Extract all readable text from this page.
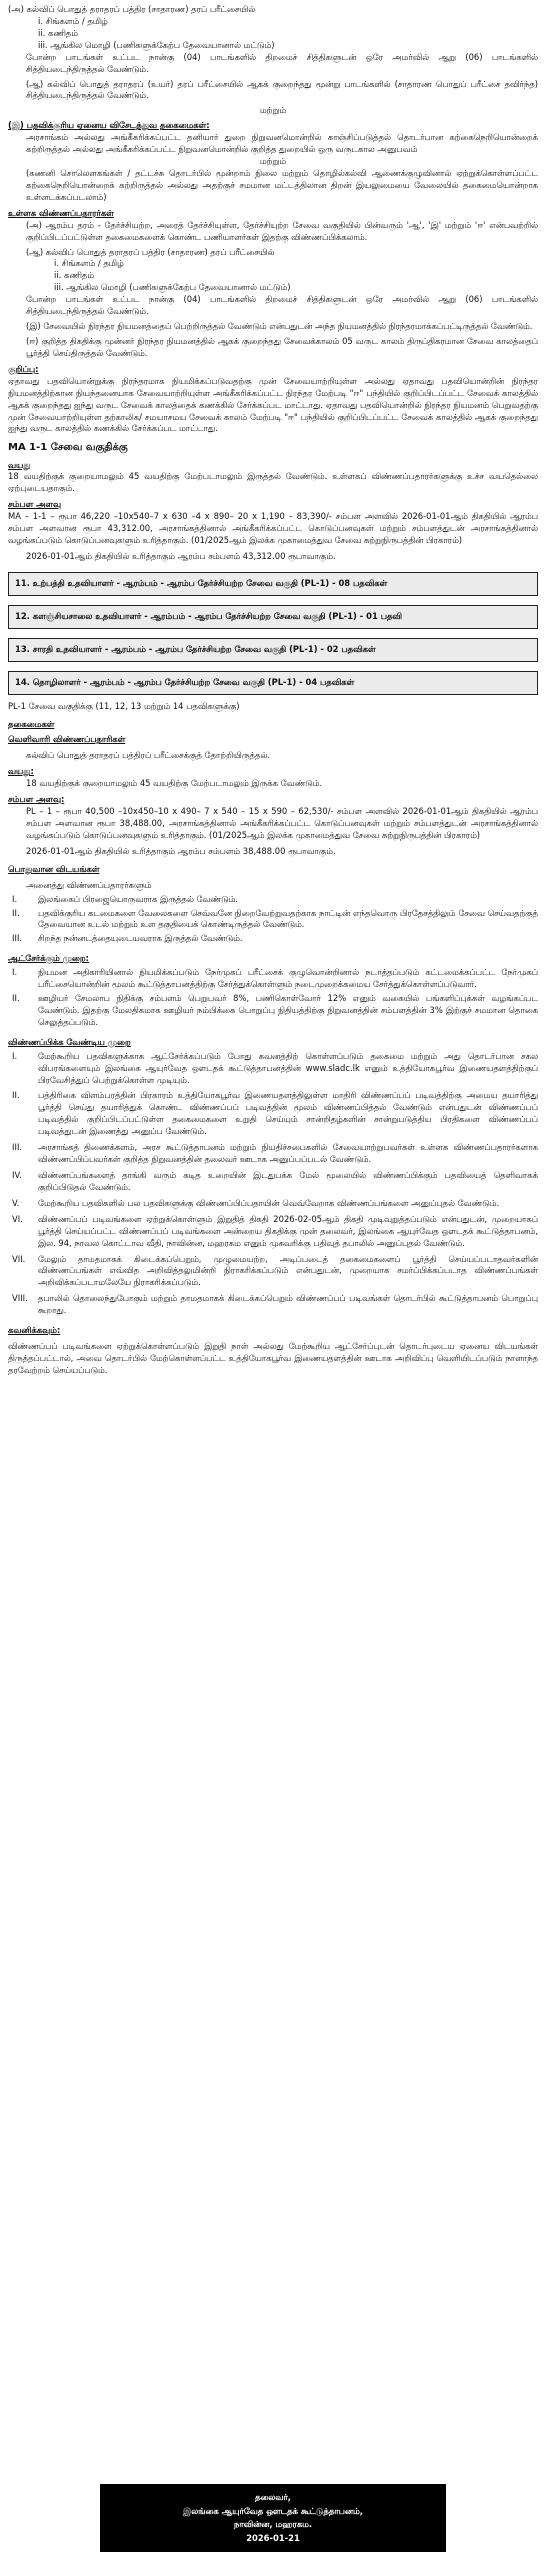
(அ) கல்விப் பொதுத் தராதரப் பத்திர (சாதாரண) தரப் பரீட்சையில்

i. சிங்களம் / தமிழ்

ii. கணிதம்

iii. ஆங்கில மொழி (பணிகளுக்கேற்ப தேவையானால் மட்டும்)

போன்ற பாடங்கள் உட்பட நான்கு (04) பாடங்களில் திறமைச் சித்திகளுடன் ஒரே அமர்வில் ஆறு (06) பாடங்களில் சித்தியடைந்திருத்தல் வேண்டும்.

(ஆ) கல்விப் பொதுத் தராதரப் (உயர்) தரப் பரீட்சையில் ஆகக் குறைந்தது மூன்று பாடங்களில் (சாதாரண பொதுப் பரீட்சை தவிர்ந்த) சித்தியடைந்திருத்தல் வேண்டும்.

மற்றும்

(இ) பதவிக்குரிய ஏனைய விசேடத்துவ தகைமைகள்:

அரசாங்கம் அல்லது அங்கீகரிக்கப்பட்ட தனியார் துறை நிறுவனமொன்றில் காஞ்சிப்படுத்தல் தொடர்பான கற்கைநெறியொன்றைக் கற்றிருத்தல் அல்லது அங்கீகரிக்கப்பட்ட நிறுவனமொன்றில் குறித்த துறையில் ஒரு வருடகால அனுபவம்

மற்றும்

(கணனி சொலௌகங்கள் / தட்டச்சு தொடர்பில் மூன்றாம் நிலை மற்றும் தொழில்கல்வி ஆணைக்குழுவினால் ஏற்றுக்கொள்ளப்பட்ட கற்கைநெறியொன்றைக் கற்றிருத்தல் அல்லது அதற்குச் சமமான மட்டத்திலான திறன் இயலுமையை வேலையில் தகைமையொன்றாக உள்ளடக்கப்படலாம்)

உள்ளக விண்ணப்பதாரர்கள்

(அ) ஆரம்ப தரம் - தேர்ச்சியற்ற, அரைத் தேர்ச்சியுள்ள, தேர்ச்சியுற்ற சேவை வகுதியில் பின்வரும் 'ஆ', 'இ' மற்றும் 'ஈ' என்பவற்றில் குறிப்பிடப்பட்டுள்ள தகைமைகளைக் கொண்ட பணியாளர்கள் இதற்கு விண்ணப்பிக்கலாம்.

(ஆ) கல்விப் பொதுத் தராதரப் பத்திர (சாதாரண) தரப் பரீட்சையில்

i. சிங்களம் / தமிழ்

ii. கணிதம்

iii. ஆங்கில மொழி (பணிகளுக்கேற்ப தேவையானால் மட்டும்)

போன்ற பாடங்கள் உட்பட நான்கு (04) பாடங்களில் திறமைச் சித்திகளுடன் ஒரே அமர்வில் ஆறு (06) பாடங்களில் சித்தியடைந்திருத்தல் வேண்டும்.

(இ) சேவையில் நிரந்தர நியமனத்தைப் பெற்றிருத்தல் வேண்டும் என்பதுடன் அந்த நியமனத்தில் நிரந்தரமாக்கப்பட்டிருத்தல் வேண்டும்.

(ஈ) குறித்த திகதிக்கு முன்னர் நிரந்தர நியமனத்தில் ஆகக் குறைந்தது சேவைக்காலம் 05 வருட காலம் திருப்திகரமான சேவை காலத்தைப் பூர்த்தி செய்திருத்தல் வேண்டும்.

குறிப்பு:

ஏதாவது பதவியொன்றுக்கு நிரந்தரமாக நியமிக்கப்படுவதற்கு முன் சேவையாற்றியுள்ள அல்லது ஏதாவது பதவியொன்றின் நிரந்தர நியமனத்திற்கான நியந்தனையாக சேவையாற்றியுள்ள அங்கீகரிக்கப்பட்ட நிரந்தர மேற்படி "ஈ" பந்தியில் குறிப்பிடப்பட்ட சேவைக் காலத்தில் ஆகக் குறைந்தது ஐந்து வருட சேவைக் காலத்தைக் கணக்கில் சேர்க்கப்பட மாட்டாது. ஏதாவது பதவியொன்றில் நிரந்தர நியமனம் பெறுவதற்கு முன் சேவையாற்றியுள்ள தற்காலிக/ சமயாசமய சேவைக் காலம் மேற்படி "ஈ" பந்தியில் குறிப்பிடப்பட்ட சேவைக் காலத்தில் ஆகக் குறைந்தது ஐந்து வருட காலத்தில் கணக்கில் சேர்க்கப்பட மாட்டாது.

MA 1-1 சேவை வகுதிக்கு

வயது

18 வயதிற்குக் குறையாமலும் 45 வயதிற்கு மேற்படாமலும் இருத்தல் வேண்டும். உள்ளகப் விண்ணப்பதாரர்களுக்கு உச்ச வயதெல்லை ஏற்புடையதாகும்.

சம்பள அளவு

MA – 1-1 – ரூபா 46,220 –10x540–7 x 630 –4 x 890– 20 x 1,190 – 83,390/- சம்பள அளவில் 2026-01-01ஆம் திகதியில் ஆரம்ப சம்பள அளவான ரூபா 43,312.00, அரசாங்கத்தினால் அங்கீகரிக்கப்பட்ட கொடுப்பனவுகள் மற்றும் சம்பளத்துடன் அரசாங்கத்தினால் வழங்கப்படும் கொடுப்பனவுகளும் உரித்தாகும். (01/2025ஆம் இலக்க முகாமைத்துவ சேவை சுற்றுநிருபத்தின் பிரகாரம்)

2026-01-01ஆம் திகதியில் உரித்தாகும் ஆரம்ப சம்பளம் 43,312.00 ரூபாவாகும்.

11. உற்பத்தி உதவியாளர் - ஆரம்பம் - ஆரம்ப தேர்ச்சியற்ற சேவை வகுதி (PL-1) - 08 பதவிகள்
12. களஞ்சியசாலை உதவியாளர் - ஆரம்பம் - ஆரம்ப தேர்ச்சியற்ற சேவை வகுதி (PL-1) - 01 பதவி
13. சாரதி உதவியாளர் - ஆரம்பம் - ஆரம்ப தேர்ச்சியற்ற சேவை வகுதி (PL-1) - 02 பதவிகள்
14. தொழிலாளர் - ஆரம்பம் - ஆரம்ப தேர்ச்சியற்ற சேவை வகுதி (PL-1) - 04 பதவிகள்

PL-1 சேவை வகுதிக்கு (11, 12, 13 மற்றும் 14 பதவிகளுக்கு)

தகைமைகள்

வெளிவாரி விண்ணப்பதாரிகள்

கல்விப் பொதுத் தராதரப் பத்திரப் பரீட்சைக்குத் தோற்றியிருத்தல்.

வயது:

18 வயதிற்குக் குறையாமலும் 45 வயதிற்கு மேற்படாமலும் இருக்க வேண்டும்.

சம்பள அளவு:

PL – 1 – ரூபா 40,500 –10x450–10 x 490– 7 x 540 – 15 x 590 – 62,530/- சம்பள அளவில் 2026-01-01ஆம் திகதியில் ஆரம்ப சம்பள அளவான ரூபா 38,488.00, அரசாங்கத்தினால் அங்கீகரிக்கப்பட்ட கொடுப்பனவுகள் மற்றும் சம்பளத்துடன் அரசாங்கத்தினால் வழங்கப்படும் கொடுப்பனவுகளும் உரித்தாகும். (01/2025ஆம் இலக்க முகாமைத்துவ சேவை சுற்றுநிருபத்தின் பிரகாரம்)

2026-01-01ஆம் திகதியில் உரித்தாகும் ஆரம்ப சம்பளம் 38,488.00 ரூபாவாகும்.

பொதுவான விடயங்கள்

அனைத்து விண்ணப்பதாரர்களும்

I.	இலங்கைப் பிரஜையொருவராக இருத்தல் வேண்டும்.
II.	பதவிக்குரிய கடமைகளை வேலைகளை செவ்வனே நிறைவேற்றுவதற்காக நாட்டின் எந்தவொரு பிரதேசத்திலும் சேவை செய்வதற்குத் தேவையான உடல் மற்றும் உள தகுதியைக் கொண்டிருத்தல் வேண்டும்.
III.	சிறந்த நன்னடத்தையுடையவராக இருத்தல் வேண்டும்.

ஆட்சேர்க்கும் முறை:

I.	நியமன அதிகாரியினால் நியமிக்கப்படும் நேர்முகப் பரீட்சைக் குழுவொன்றினால் நடாத்தப்படும் கட்டமைக்கப்பட்ட நேர்முகப் பரீட்சையொன்றின் மூலம் கூட்டுத்தாபனத்திற்கு சேர்த்துக்கொள்ளும் நடைமுறைக்கமைய சேர்த்துக்கொள்ளப்படுவார்.
II.	ஊழியர் சேமலாப நிதிக்கு சம்பளம் பெறுபவர் 8%, பணிகொள்வோர் 12% எனும் வகையில் பங்களிப்புக்கள் வழங்கப்பட வேண்டும். இதற்கு மேலதிகமாக ஊழியர் நம்பிக்கை பொறுப்பு நிதியத்திற்கு நிறுவனத்தின் சம்பளத்தின் 3% இற்குச் சமமான தொகை செலுத்தப்படும்.

விண்ணப்பிக்க வேண்டிய முறை

I.	மேற்கூறிய பதவிகளுக்காக ஆட்சேர்க்கப்படும் போது கவனத்திற் கொள்ளப்படும் தகைமை மற்றும் அது தொடர்பான சகல விபரங்களையும் இலங்கை ஆயுர்வேத ஔடதக் கூட்டுத்தாபனத்தின் www.sladc.lk எனும் உத்தியோகபூர்வ இணையதளத்திற்குப் பிரவேசித்துப் பெற்றுக்கொள்ள முடியும்.
II.	பத்திரிகை விளம்பரத்தின் பிரகாரம் உத்தியோகபூர்வ இணையதளத்திலுள்ள மாதிரி விண்ணப்பப் படிவத்திற்கு அமைய தயாரித்து பூர்த்தி செய்து தயாரித்துக் கொண்ட விண்ணப்பப் படிவத்தின் மூலம் விண்ணப்பித்தல் வேண்டும் என்பதுடன் விண்ணப்பப் படிவத்தில் குறிப்பிடப்பட்டுள்ள தகைமைகளை உறுதி செய்யும் சான்றிதழ்களின் சான்றுபடுத்திய பிரதிகளை விண்ணப்பப் படிவத்துடன் இணைத்து அனுப்ப வேண்டும்.
III.	அரசாங்கத் திணைக்களம், அரச கூட்டுத்தாபனம் மற்றும் நியதிச்சபைகளில் சேவையாற்றுபவர்கள் உள்ளக விண்ணப்பதாரர்களாக விண்ணப்பிப்பவர்கள் குறித்த நிறுவனத்தின் தலைவர் ஊடாக அனுப்பப்படல் வேண்டும்.
IV.	விண்ணப்பங்களைத் தாங்கி வரும் கடித உறையின் இடதுபக்க மேல் மூலையில் விண்ணப்பிக்கும் பதவியைத் தெளிவாகக் குறிப்பிடுதல் வேண்டும்.
V.	மேற்கூறிய பதவிகளில் பல பதவிகளுக்கு விண்ணப்பிப்பதாயின் வெவ்வேறாக விண்ணப்பங்களை அனுப்புதல் வேண்டும்.
VI.	விண்ணப்பப் படிவங்களை ஏற்றுக்கொள்ளும் இறுதித் திகதி 2026-02-05ஆம் திகதி முடிவுறுத்தப்படும் என்பதுடன், முறையாகப் பூர்த்தி செய்யப்பட்ட விண்ணப்பப் படிவங்களை அன்றைய திகதிக்கு முன் தலைவர், இலங்கை ஆயுர்வேத ஔடதக் கூட்டுத்தாபனம், இல. 94, நாவல கொட்டாவ வீதி, நாவின்ன, மஹரகம எனும் முகவரிக்கு பதிவுத் தபாலில் அனுப்புதல் வேண்டும்.
VII.	மேலும் தாமதமாகக் கிடைக்கப்பெறும், முழுமையற்ற, அடிப்படைத் தகைமைகளைப் பூர்த்தி செய்யப்படாதவர்களின் விண்ணப்பங்கள் எவ்வித அறிவித்தலுமின்றி நிராகரிக்கப்படும் என்பதுடன், முறையாக சமர்ப்பிக்கப்படாத விண்ணப்பங்கள் அறிவிக்கப்படாமலேயே நிராகரிக்கப்படும்.
VIII.	தபாலில் தொலைந்துபோகும் மற்றும் தாமதமாகக் கிடைக்கப்பெறும் விண்ணப்பப் படிவங்கள் தொடர்பில் கூட்டுத்தாபனம் பொறுப்பு கூறாது.

கவனிக்கவும்:

விண்ணப்பப் படிவங்களை ஏற்றுக்கொள்ளப்படும் இறுதி நாள் அல்லது மேற்கூறிய ஆட்சேர்ப்புடன் தொடர்புடைய ஏனைய விடயங்கள் திருத்தப்பட்டால், அவை தொடர்பில் மேற்கொள்ளப்பட்ட உத்தியோகபூர்வ இணையதளத்தின் ஊடாக அறிவிப்பு வெளியிடப்படும் நாளாந்த தரவேற்றம் செய்யப்படும்.

தலைவர்,

இலங்கை ஆயுர்வேத ஔடதக் கூட்டுத்தாபனம்,

நாவின்ன, மஹரகம.

2026-01-21
